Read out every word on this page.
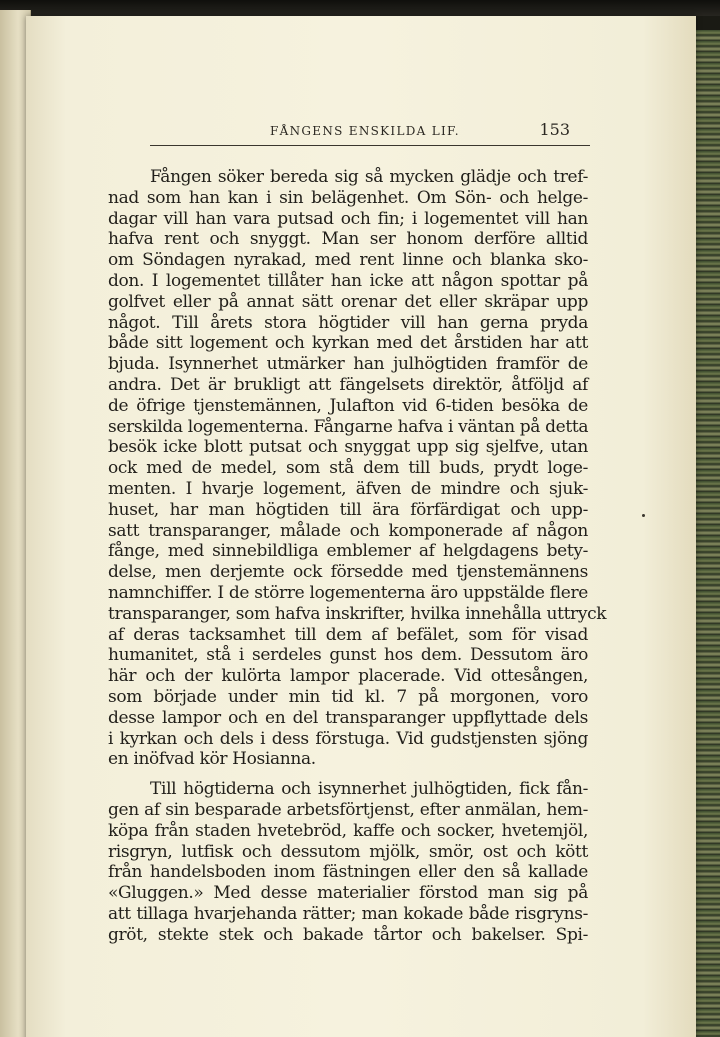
FÅNGENS ENSKILDA LIF.	153
Fången söker bereda sig så mycken glädje och tref-
nad som han kan i sin belägenhet. Om Sön- och helge-
dagar vill han vara putsad och fin; i logementet vill han
hafva rent och snyggt. Man ser honom derföre alltid
om Söndagen nyrakad, med rent linne och blanka sko-
don. I logementet tillåter han icke att någon spottar på
golfvet eller på annat sätt orenar det eller skräpar upp
något. Till årets stora högtider vill han gerna pryda
både sitt logement och kyrkan med det årstiden har att
bjuda. Isynnerhet utmärker han julhögtiden framför de
andra. Det är brukligt att fängelsets direktör, åtföljd af
de öfrige tjenstemännen, Julafton vid 6-tiden besöka de
serskilda logementerna. Fångarne hafva i väntan på detta
besök icke blott putsat och snyggat upp sig sjelfve, utan
ock med de medel, som stå dem till buds, prydt loge-
menten. I hvarje logement, äfven de mindre och sjuk-
huset, har man högtiden till ära förfärdigat och upp-
satt transparanger, målade och komponerade af någon
fånge, med sinnebildliga emblemer af helgdagens bety-
delse, men derjemte ock försedde med tjenstemännens
namnchiffer. I de större logementerna äro uppstälde flere
transparanger, som hafva inskrifter, hvilka innehålla uttryck
af deras tacksamhet till dem af befälet, som för visad
humanitet, stå i serdeles gunst hos dem. Dessutom äro
här och der kulörta lampor placerade. Vid ottesången,
som började under min tid kl. 7 på morgonen, voro
desse lampor och en del transparanger uppflyttade dels
i kyrkan och dels i dess förstuga. Vid gudstjensten sjöng
en inöfvad kör Hosianna.
Till högtiderna och isynnerhet julhögtiden, fick fån-
gen af sin besparade arbetsförtjenst, efter anmälan, hem-
köpa från staden hvetebröd, kaffe och socker, hvetemjöl,
risgryn, lutfisk och dessutom mjölk, smör, ost och kött
från handelsboden inom fästningen eller den så kallade
«Gluggen.» Med desse materialier förstod man sig på
att tillaga hvarjehanda rätter; man kokade både risgryns-
gröt, stekte stek och bakade tårtor och bakelser. Spi-
